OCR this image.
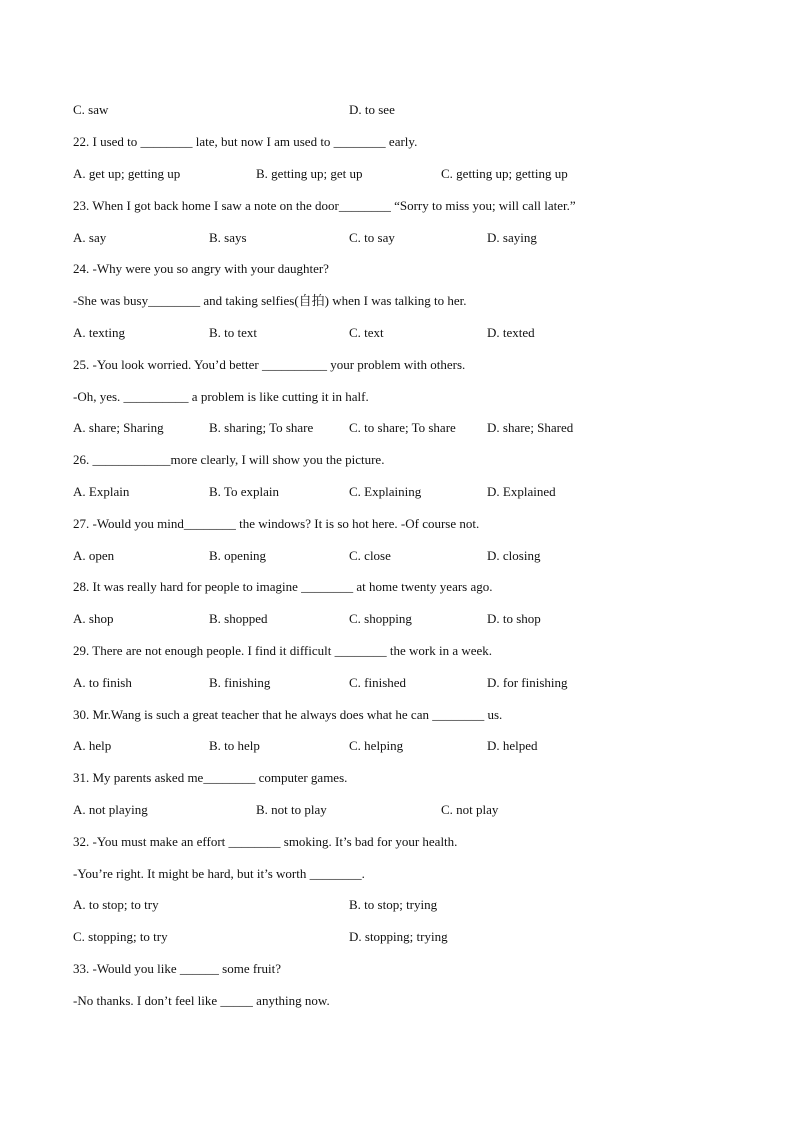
C. saw	D. to see
22. I used to ________ late, but now I am used to ________ early.
A. get up; getting up	B. getting up; get up	C. getting up; getting up
23. When I got back home I saw a note on the door________ “Sorry to miss you; will call later.”
A. say	B. says	C. to say	D. saying
24. -Why were you so angry with your daughter?
-She was busy________ and taking selfies(自拍) when I was talking to her.
A. texting	B. to text	C. text	D. texted
25. -You look worried. You’d better __________ your problem with others.
-Oh, yes. __________ a problem is like cutting it in half.
A. share; Sharing	B. sharing; To share	C. to share; To share D. share; Shared
26. ____________more clearly, I will show you the picture.
A. Explain	B. To explain	C. Explaining	D. Explained
27. -Would you mind________ the windows? It is so hot here. -Of course not.
A. open	B. opening	C. close	D. closing
28. It was really hard for people to imagine ________ at home twenty years ago.
A. shop	B. shopped	C. shopping	D. to shop
29. There are not enough people. I find it difficult ________ the work in a week.
A. to finish	B. finishing	C. finished	D. for finishing
30. Mr.Wang is such a great teacher that he always does what he can ________ us.
A. help	B. to help	C. helping	D. helped
31. My parents asked me________ computer games.
A. not playing	B. not to play	C. not play
32. -You must make an effort ________ smoking. It’s bad for your health.
-You’re right. It might be hard, but it’s worth ________.
A. to stop; to try	B. to stop; trying
C. stopping; to try	D. stopping; trying
33. -Would you like ______ some fruit?
-No thanks. I don’t feel like _____ anything now.
